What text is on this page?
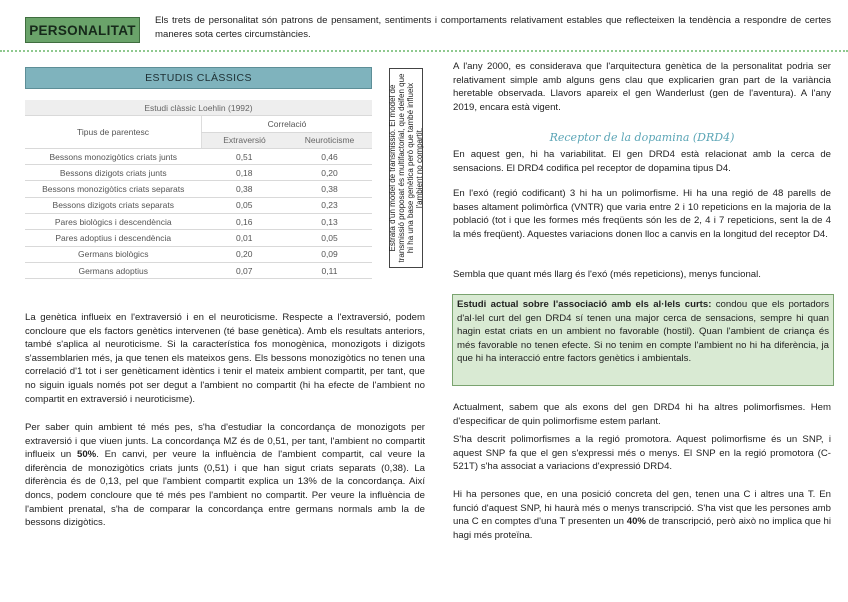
PERSONALITAT
Els trets de personalitat són patrons de pensament, sentiments i comportaments relativament estables que reflecteixen la tendència a respondre de certes maneres sota certes circumstàncies.
ESTUDIS CLÀSSICS
Estudi clàssic Loehlin (1992)		
Tipus de parentesc	Correlació	
	Extraversió	Neuroticisme
Bessons monozigòtics criats junts	0,51	0,46
Bessons dizigots criats junts	0,18	0,20
Bessons monozigòtics criats separats	0,38	0,38
Bessons dizigots criats separats	0,05	0,23
Pares biològics i descendència	0,16	0,13
Pares adoptius i descendència	0,01	0,05
Germans biològics	0,20	0,09
Germans adoptius	0,07	0,11
Estrata d'un model de transmissió. El model de transmissió proposat és multifactorial, que deifen que hi ha una base genètica però que també influeix l'ambient no compartit.
La genètica influeix en l'extraversió i en el neuroticisme. Respecte a l'extraversió, podem concloure que els factors genètics intervenen (té base genètica). Amb els resultats anteriors, també s'aplica al neuroticisme. Si la característica fos monogènica, monozigots i dizigots s'assemblarien més, ja que tenen els mateixos gens. Els bessons monozigòtics no tenen una correlació d'1 tot i ser genèticament idèntics i tenir el mateix ambient compartit, per tant, que no siguin iguals només pot ser degut a l'ambient no compartit (hi ha efecte de l'ambient no compartit en extraversió i neuroticisme).
Per saber quin ambient té més pes, s'ha d'estudiar la concordança de monozigots per extraversió i que viuen junts. La concordança MZ és de 0,51, per tant, l'ambient no compartit influeix un 50%. En canvi, per veure la influència de l'ambient compartit, cal veure la diferència de monozigòtics criats junts (0,51) i que han sigut criats separats (0,38). La diferència és de 0,13, pel que l'ambient compartit explica un 13% de la concordança. Així doncs, podem concloure que té més pes l'ambient no compartit. Per veure la influència de l'ambient prenatal, s'ha de comparar la concordança entre germans normals amb la de bessons dizigòtics.
A l'any 2000, es considerava que l'arquitectura genètica de la personalitat podria ser relativament simple amb alguns gens clau que explicarien gran part de la variància heretable observada. Llavors apareix el gen Wanderlust (gen de l'aventura). A l'any 2019, encara està vigent.
Receptor de la dopamina (DRD4)
En aquest gen, hi ha variabilitat. El gen DRD4 està relacionat amb la cerca de sensacions. El DRD4 codifica pel receptor de dopamina tipus D4.
En l'exó (regió codificant) 3 hi ha un polimorfisme. Hi ha una regió de 48 parells de bases altament polimòrfica (VNTR) que varia entre 2 i 10 repeticions en la majoria de la població (tot i que les formes més freqüents són les de 2, 4 i 7 repeticions, sent la de 4 la més freqüent). Aquestes variacions donen lloc a canvis en la longitud del receptor D4.
Sembla que quant més llarg és l'exó (més repeticions), menys funcional.
Estudi actual sobre l'associació amb els al·lels curts: condou que els portadors d'al·lel curt del gen DRD4 sí tenen una major cerca de sensacions, sempre hi quan hagin estat criats en un ambient no favorable (hostil). Quan l'ambient de criança és més favorable no tenen efecte. Si no tenim en compte l'ambient no hi ha diferència, ja que hi ha interacció entre factors genètics i ambientals.
Actualment, sabem que als exons del gen DRD4 hi ha altres polimorfismes. Hem d'especificar de quin polimorfisme estem parlant.
S'ha descrit polimorfismes a la regió promotora. Aquest polimorfisme és un SNP, i aquest SNP fa que el gen s'expressi més o menys. El SNP en la regió promotora (C-521T) s'ha associat a variacions d'expressió DRD4.
Hi ha persones que, en una posició concreta del gen, tenen una C i altres una T. En funció d'aquest SNP, hi haurà més o menys transcripció. S'ha vist que les persones amb una C en comptes d'una T presenten un 40% de transcripció, però això no implica que hi hagi més proteïna.
